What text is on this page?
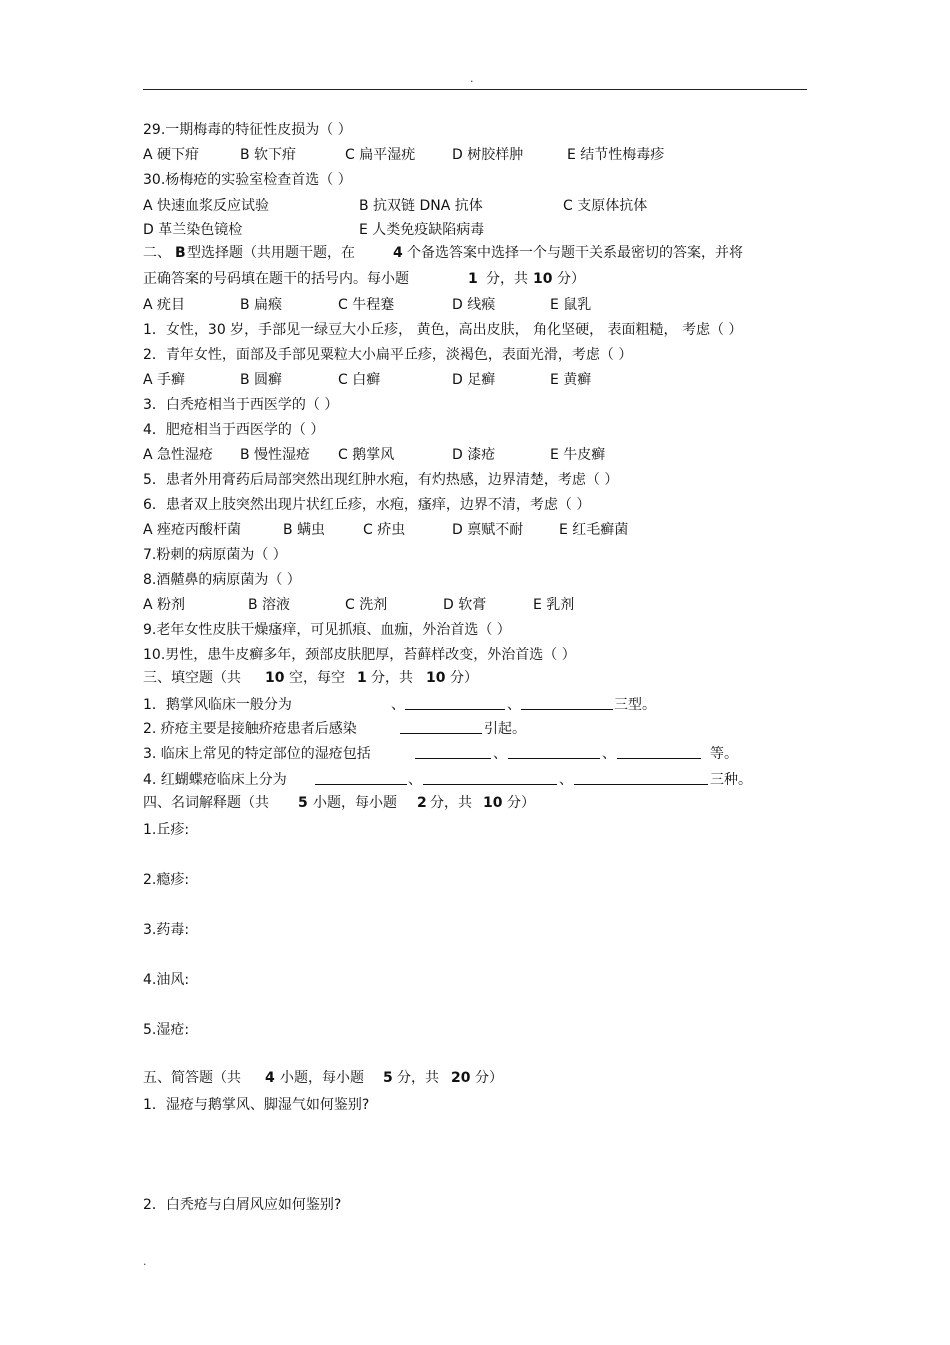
.
29.一期梅毒的特征性皮损为（ ）
A 硬下疳	B 软下疳	C 扁平湿疣	D 树胶样肿	E 结节性梅毒疹
30.杨梅疮的实验室检查首选（ ）
A 快速血浆反应试验	B 抗双链 DNA 抗体	C 支原体抗体
D 革兰染色镜检	E 人类免疫缺陷病毒
二、 B 型选择题（共用题干题，在	4 个备选答案中选择一个与题干关系最密切的答案，并将
正确答案的号码填在题干的括号内。每小题	1 分，共 10 分）
A 疣目	B 扁瘊	C 牛程蹇	D 线瘊	E 鼠乳
1．女性，30 岁，手部见一绿豆大小丘疹， 黄色，高出皮肤， 角化坚硬， 表面粗糙， 考虑（ ）
2．青年女性，面部及手部见粟粒大小扁平丘疹，淡褐色，表面光滑，考虑（ ）
A 手癣	B 圆癣	C 白癣	D 足癣	E 黄癣
3．白秃疮相当于西医学的（ ）
4．肥疮相当于西医学的（ ）
A 急性湿疮 B 慢性湿疮 C 鹅掌风	D 漆疮	E 牛皮癣
5．患者外用膏药后局部突然出现红肿水疱，有灼热感，边界清楚，考虑（ ）
6．患者双上肢突然出现片状红丘疹，水疱，瘙痒，边界不清，考虑（ ）
A 痤疮丙酸杆菌	B 螨虫	C 疥虫	D 禀赋不耐	E 红毛癣菌
7.粉刺的病原菌为（ ）
8.酒齄鼻的病原菌为（ ）
A 粉剂	B 溶液	C 洗剂	D 软膏	E 乳剂
9.老年女性皮肤干燥瘙痒，可见抓痕、血痂，外治首选（ ）
10.男性，患牛皮癣多年，颈部皮肤肥厚，苔藓样改变，外治首选（ ）
三、填空题（共 10 空，每空 1 分，共 10 分）
1．鹅掌风临床一般分为	、	、	三型。
2. 疥疮主要是接触疥疮患者后感染	引起。
3. 临床上常见的特定部位的湿疮包括	、	、	等。
4. 红蝴蝶疮临床上分为	、	、	三种。
四、名词解释题（共 5 小题，每小题 2 分，共 10 分）
1.丘疹:
2.瘾疹:
3.药毒:
4.油风:
5.湿疮:
五、简答题（共 4 小题，每小题 5 分，共 20 分）
1．湿疮与鹅掌风、脚湿气如何鉴别?
2．白秃疮与白屑风应如何鉴别?
.
